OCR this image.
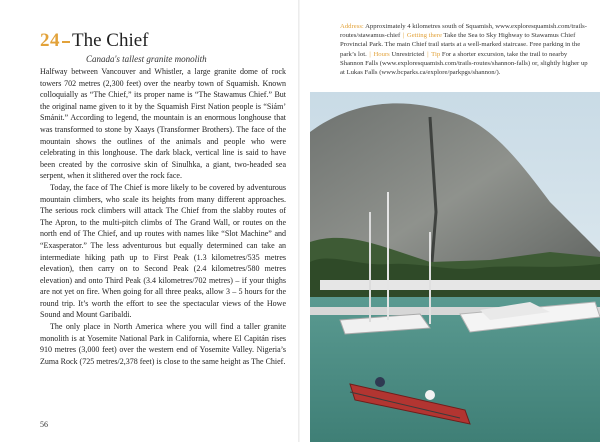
24 The Chief
Canada's tallest granite monolith

Halfway between Vancouver and Whistler, a large granite dome of rock towers 702 metres (2,300 feet) over the nearby town of Squamish. Known colloquially as “The Chief,” its proper name is “The Stawamus Chief.” But the original name given to it by the Squamish First Nation people is “Siám’ Smánit.” According to legend, the mountain is an enormous longhouse that was transformed to stone by Xaays (Transformer Brothers). The face of the mountain shows the outlines of the animals and people who were celebrating in this longhouse. The dark black, vertical line is said to have been created by the corrosive skin of Sinulhka, a giant, two-headed sea serpent, when it slithered over the rock face.

Today, the face of The Chief is more likely to be covered by adventurous mountain climbers, who scale its heights from many different approaches. The serious rock climbers will attack The Chief from the slabby routes of The Apron, to the multi-pitch climbs of The Grand Wall, or routes on the north end of The Chief, and up routes with names like “Slot Machine” and “Exasperator.” The less adventurous but equally determined can take an intermediate hiking path up to First Peak (1.3 kilometres/535 metres elevation), then carry on to Second Peak (2.4 kilometres/580 metres elevation) and onto Third Peak (3.4 kilometres/702 metres) – if your thighs are not yet on fire. When going for all three peaks, allow 3 – 5 hours for the round trip. It’s worth the effort to see the spectacular views of the Howe Sound and Mount Garibaldi.

The only place in North America where you will find a taller granite monolith is at Yosemite National Park in California, where El Capitán rises 910 metres (3,000 feet) over the western end of Yosemite Valley. Nigeria’s Zuma Rock (725 metres/2,378 feet) is close to the same height as The Chief.

56
Address: Approximately 4 kilometres south of Squamish, www.exploresquamish.com/trails-routes/stawamus-chief | Getting there Take the Sea to Sky Highway to Stawamus Chief Provincial Park. The main Chief trail starts at a well-marked staircase. Free parking in the park’s lot. | Hours Unrestricted | Tip For a shorter excursion, take the trail to nearby Shannon Falls (www.exploresquamish.com/trails-routes/shannon-falls) or, slightly higher up at Lukas Falls (www.bcparks.ca/explore/parkpgs/shannon/).
